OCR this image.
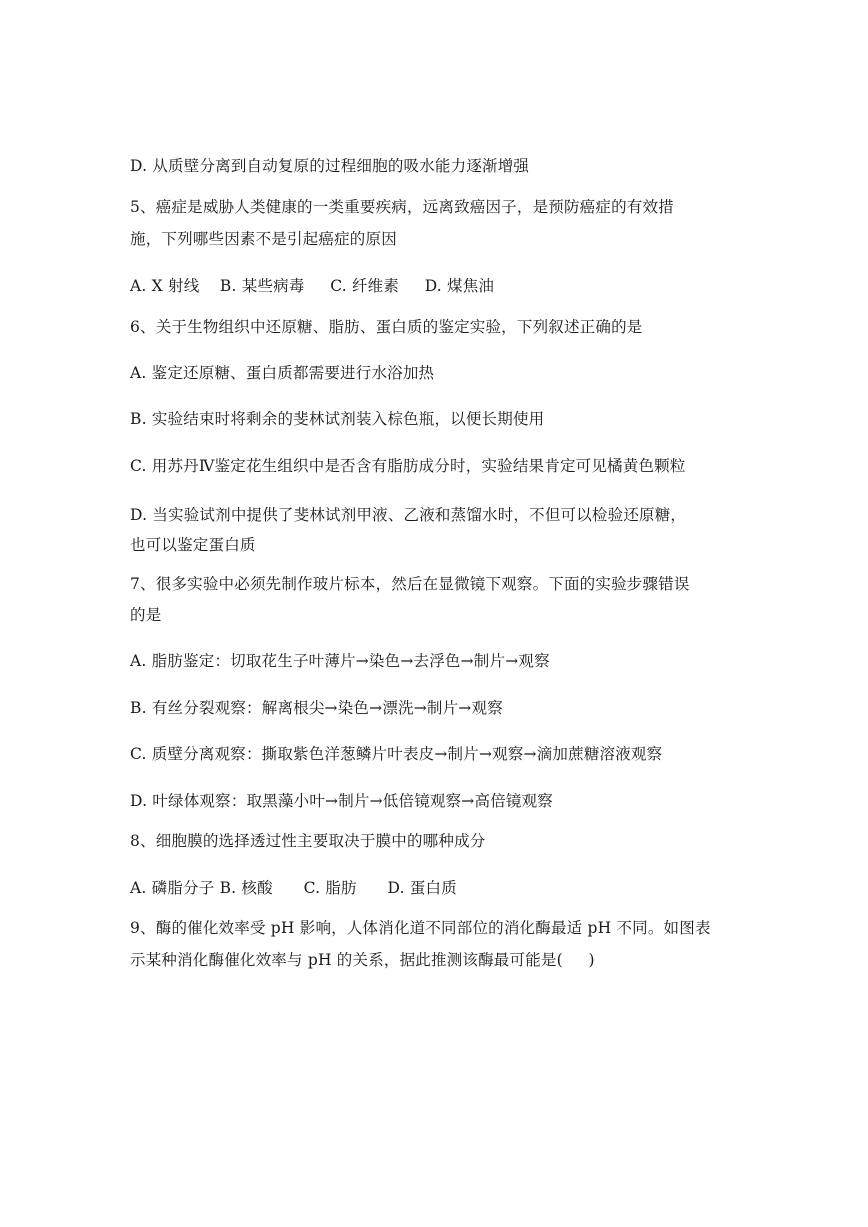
D. 从质壁分离到自动复原的过程细胞的吸水能力逐渐增强
5、癌症是威胁人类健康的一类重要疾病，远离致癌因子，是预防癌症的有效措
施，下列哪些因素不是引起癌症的原因
A. X 射线    B. 某些病毒     C. 纤维素     D. 煤焦油
6、关于生物组织中还原糖、脂肪、蛋白质的鉴定实验，下列叙述正确的是
A. 鉴定还原糖、蛋白质都需要进行水浴加热
B. 实验结束时将剩余的斐林试剂装入棕色瓶，以便长期使用
C. 用苏丹Ⅳ鉴定花生组织中是否含有脂肪成分时，实验结果肯定可见橘黄色颗粒
D. 当实验试剂中提供了斐林试剂甲液、乙液和蒸馏水时，不但可以检验还原糖，
也可以鉴定蛋白质
7、很多实验中必须先制作玻片标本，然后在显微镜下观察。下面的实验步骤错误
的是
A. 脂肪鉴定：切取花生子叶薄片→染色→去浮色→制片→观察
B. 有丝分裂观察：解离根尖→染色→漂洗→制片→观察
C. 质壁分离观察：撕取紫色洋葱鳞片叶表皮→制片→观察→滴加蔗糖溶液观察
D. 叶绿体观察：取黑藻小叶→制片→低倍镜观察→高倍镜观察
8、细胞膜的选择透过性主要取决于膜中的哪种成分
A. 磷脂分子 B. 核酸      C. 脂肪      D. 蛋白质
9、酶的催化效率受 pH 影响，人体消化道不同部位的消化酶最适 pH 不同。如图表
示某种消化酶催化效率与 pH 的关系，据此推测该酶最可能是(     )
